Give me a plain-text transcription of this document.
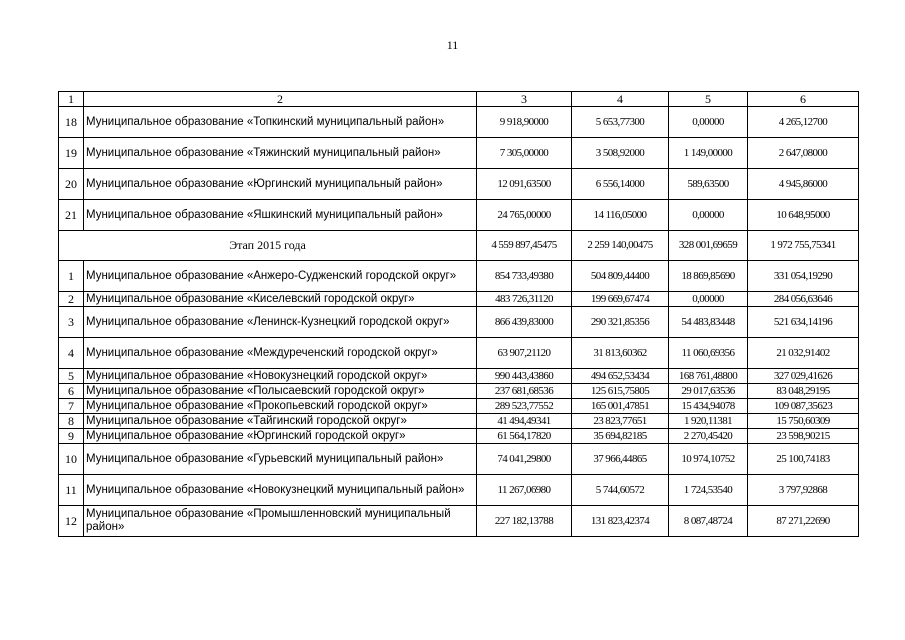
11
1	2	3	4	5	6
18	Муниципальное образование «Топкинский муниципальный район»	9 918,90000	5 653,77300	0,00000	4 265,12700
19	Муниципальное образование «Тяжинский муниципальный район»	7 305,00000	3 508,92000	1 149,00000	2 647,08000
20	Муниципальное образование «Юргинский муниципальный район»	12 091,63500	6 556,14000	589,63500	4 945,86000
21	Муниципальное образование «Яшкинский муниципальный район»	24 765,00000	14 116,05000	0,00000	10 648,95000
Этап 2015 года		4 559 897,45475	2 259 140,00475	328 001,69659	1 972 755,75341
1	Муниципальное образование «Анжеро-Судженский городской округ»	854 733,49380	504 809,44400	18 869,85690	331 054,19290
2	Муниципальное образование «Киселевский городской округ»	483 726,31120	199 669,67474	0,00000	284 056,63646
3	Муниципальное образование «Ленинск-Кузнецкий городской округ»	866 439,83000	290 321,85356	54 483,83448	521 634,14196
4	Муниципальное образование «Междуреченский городской округ»	63 907,21120	31 813,60362	11 060,69356	21 032,91402
5	Муниципальное образование «Новокузнецкий городской округ»	990 443,43860	494 652,53434	168 761,48800	327 029,41626
6	Муниципальное образование «Полысаевский городской округ»	237 681,68536	125 615,75805	29 017,63536	83 048,29195
7	Муниципальное образование «Прокопьевский городской округ»	289 523,77552	165 001,47851	15 434,94078	109 087,35623
8	Муниципальное образование «Тайгинский городской округ»	41 494,49341	23 823,77651	1 920,11381	15 750,60309
9	Муниципальное образование «Юргинский городской округ»	61 564,17820	35 694,82185	2 270,45420	23 598,90215
10	Муниципальное образование «Гурьевский муниципальный район»	74 041,29800	37 966,44865	10 974,10752	25 100,74183
11	Муниципальное образование «Новокузнецкий муниципальный район»	11 267,06980	5 744,60572	1 724,53540	3 797,92868
12	Муниципальное образование «Промышленновский муниципальный район»	227 182,13788	131 823,42374	8 087,48724	87 271,22690
